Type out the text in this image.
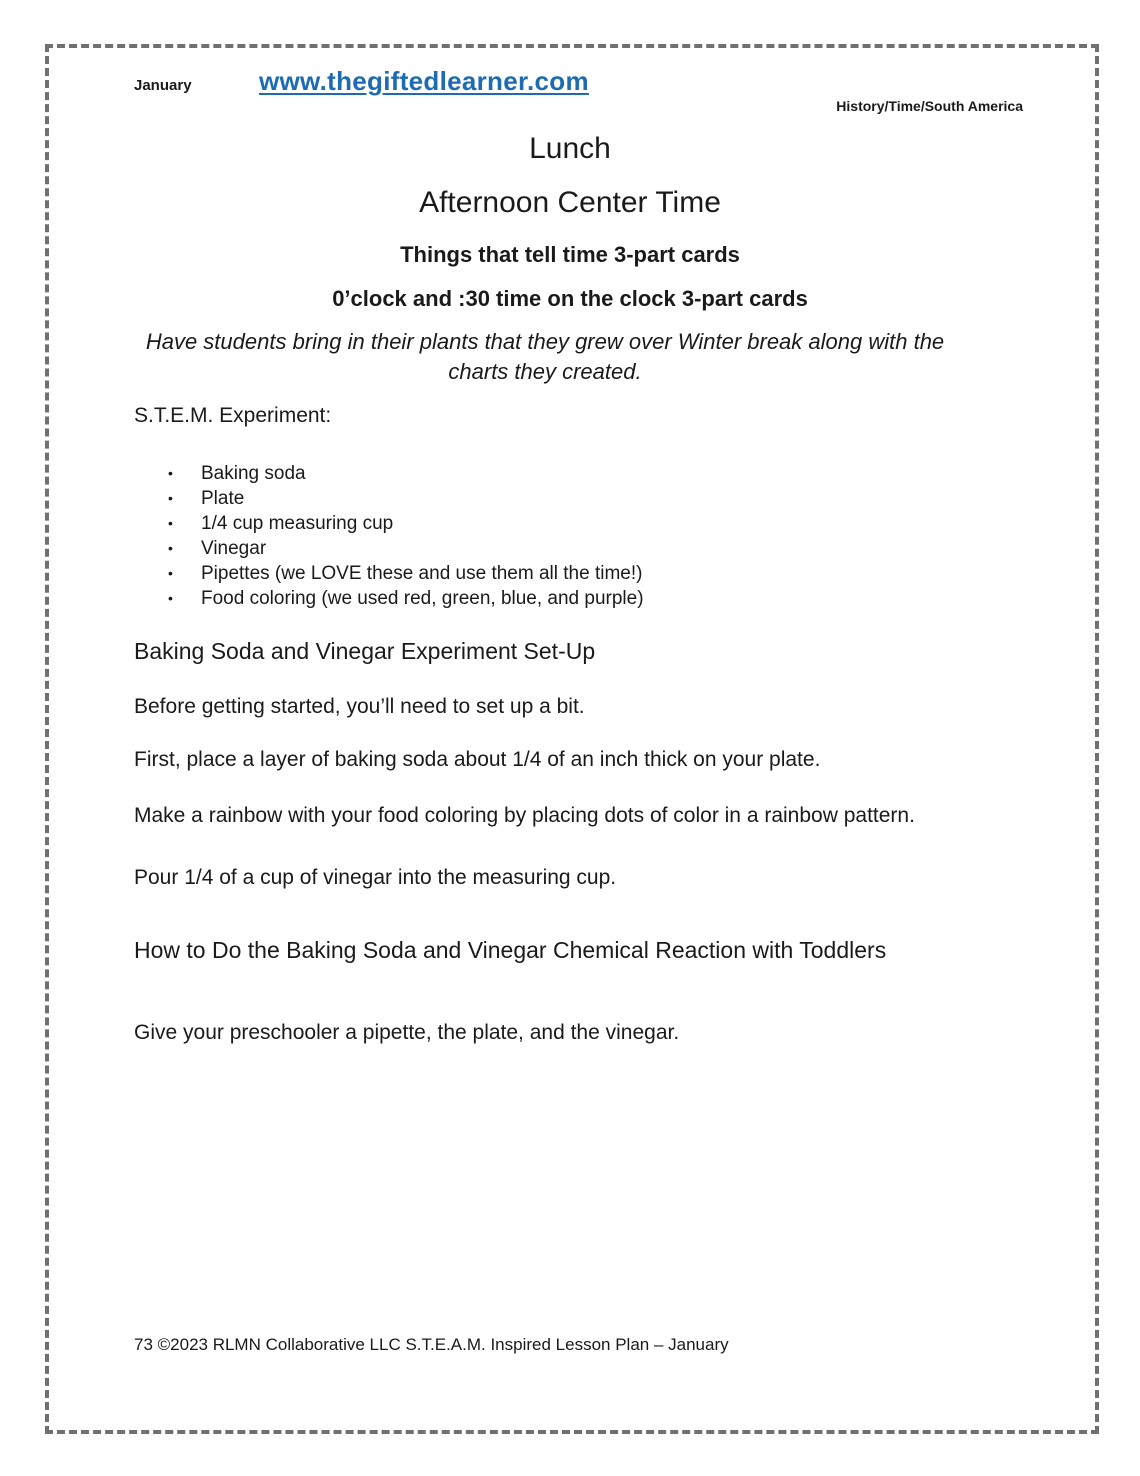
January	www.thegiftedlearner.com
History/Time/South America
Lunch
Afternoon Center Time
Things that tell time 3-part cards
0’clock and :30 time on the clock 3-part cards
Have students bring in their plants that they grew over Winter break along with the charts they created.
S.T.E.M. Experiment:
• Baking soda
• Plate
• 1/4 cup measuring cup
• Vinegar
• Pipettes (we LOVE these and use them all the time!)
• Food coloring (we used red, green, blue, and purple)
Baking Soda and Vinegar Experiment Set-Up
Before getting started, you’ll need to set up a bit.
First, place a layer of baking soda about 1/4 of an inch thick on your plate.
Make a rainbow with your food coloring by placing dots of color in a rainbow pattern.
Pour 1/4 of a cup of vinegar into the measuring cup.
How to Do the Baking Soda and Vinegar Chemical Reaction with Toddlers
Give your preschooler a pipette, the plate, and the vinegar.
73 ©2023 RLMN Collaborative LLC S.T.E.A.M. Inspired Lesson Plan – January
